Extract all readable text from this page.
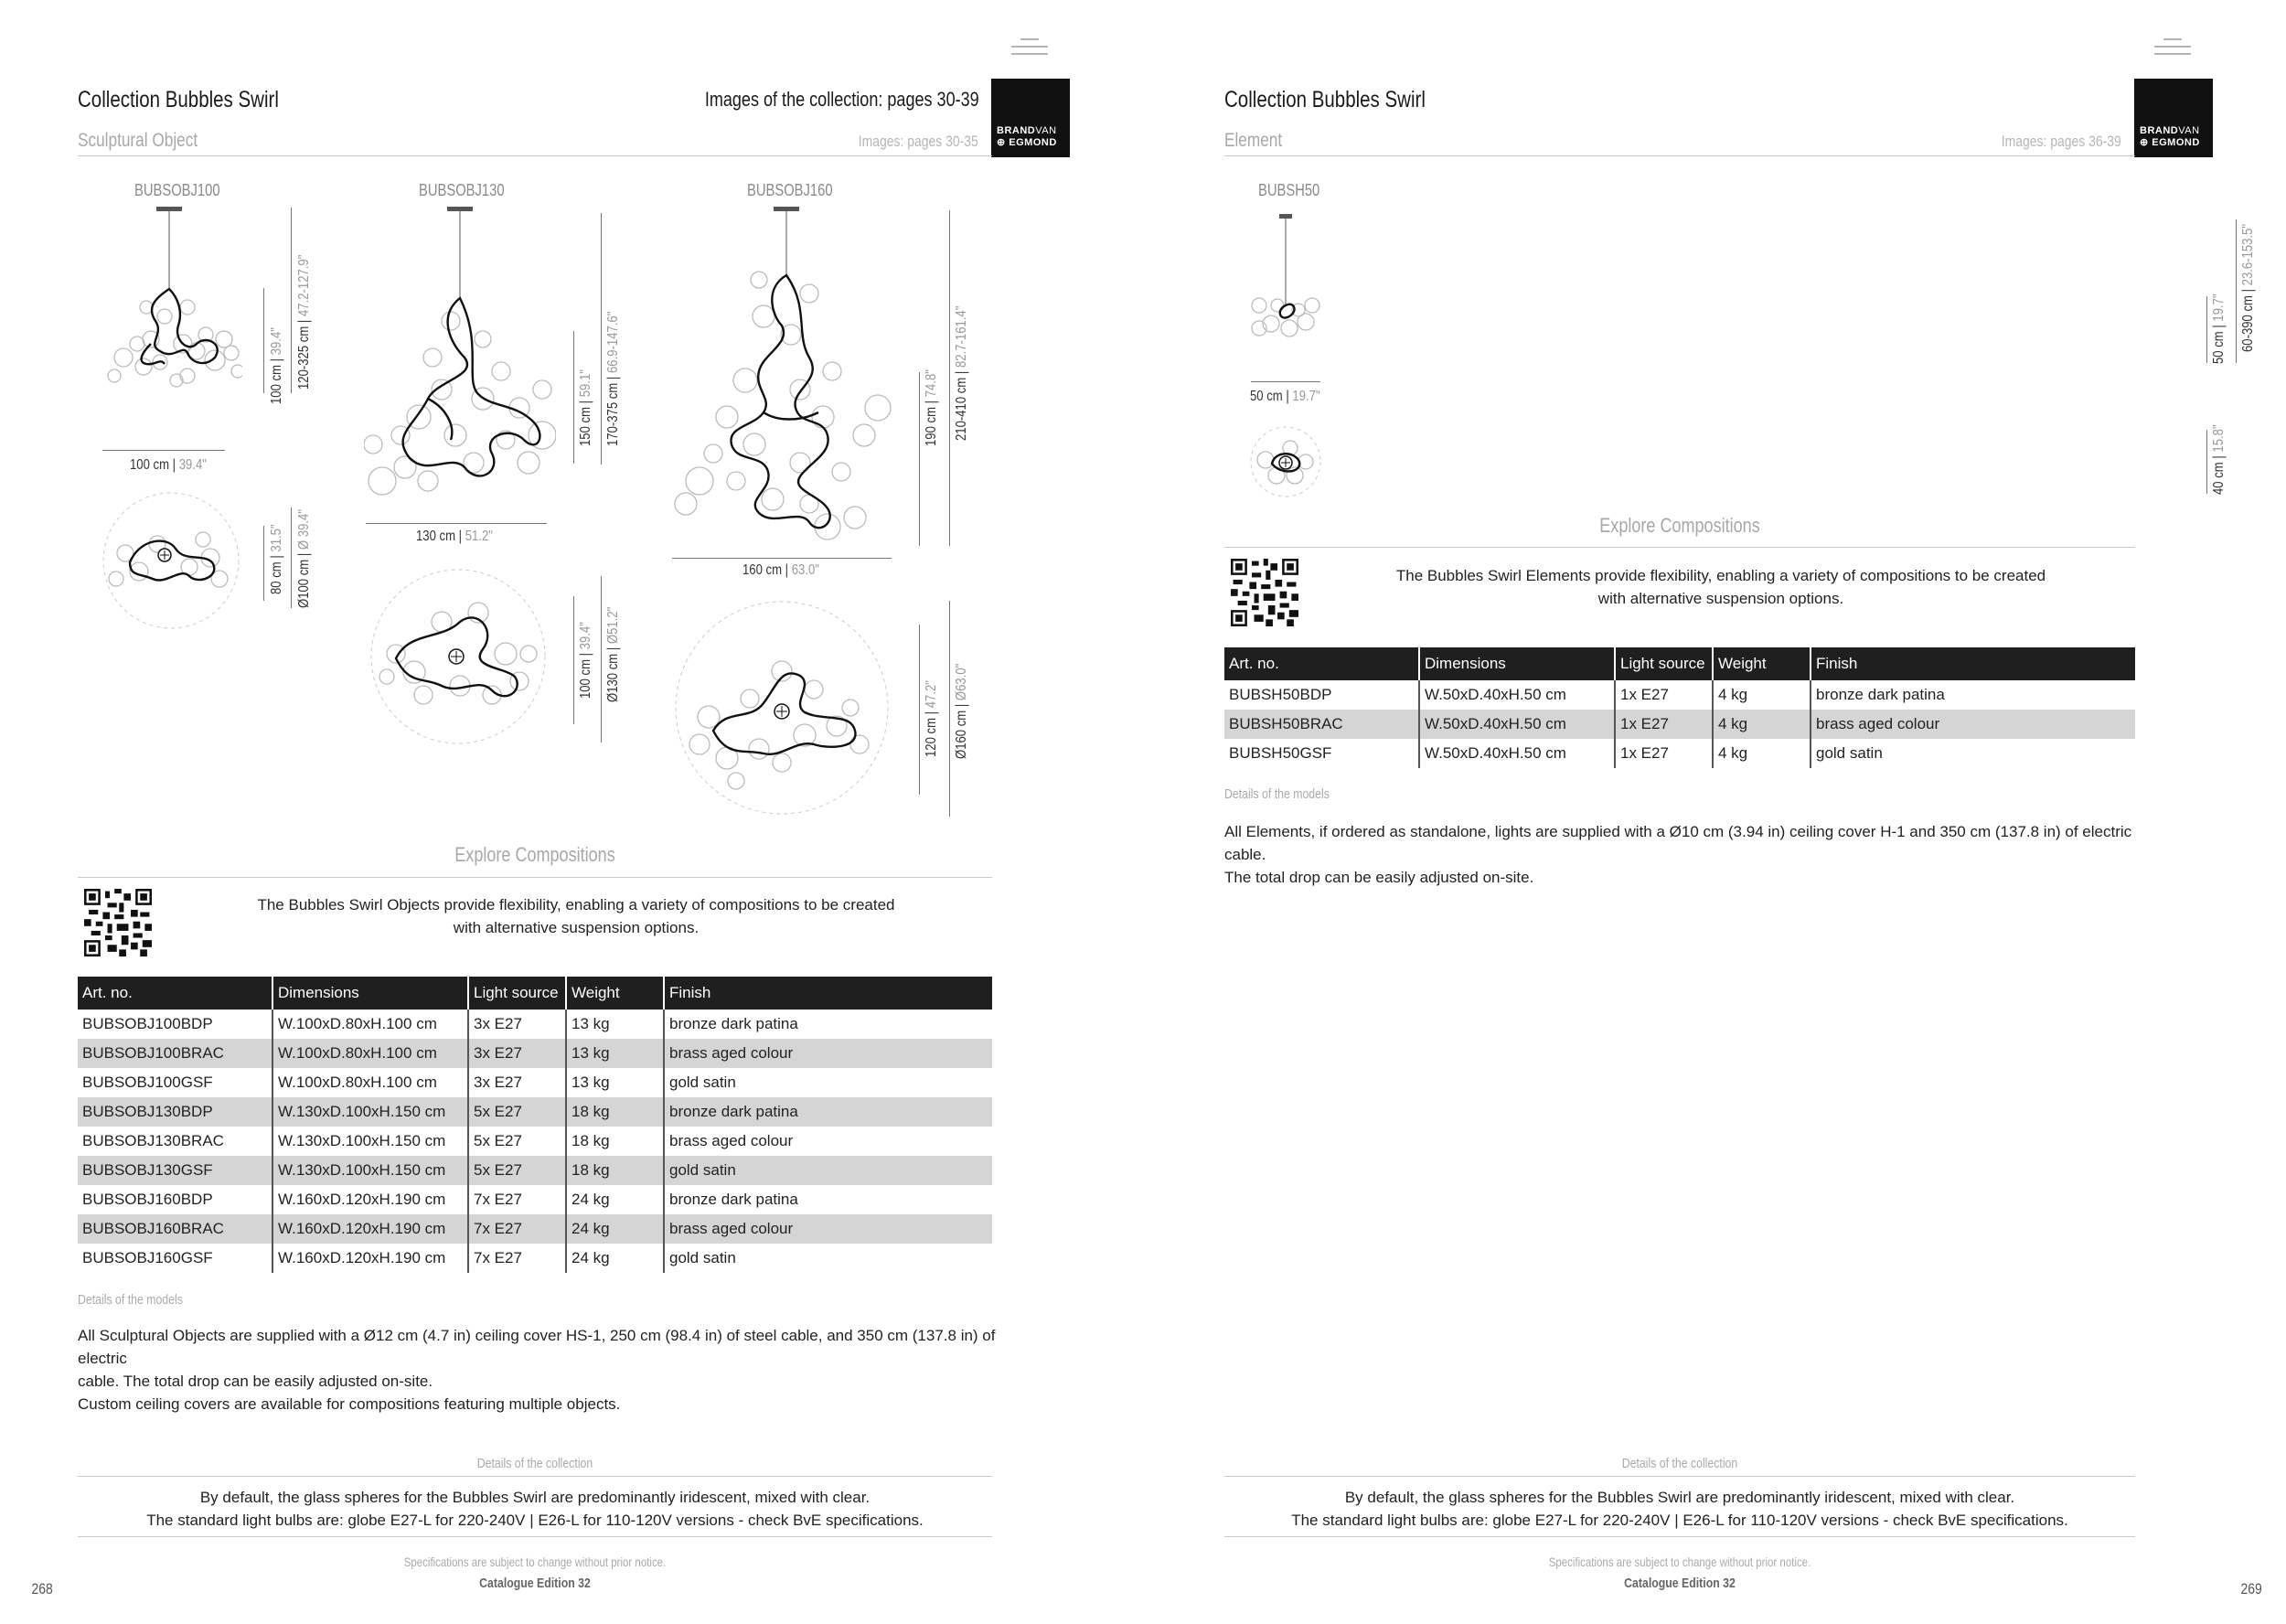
BRANDVAN
⊕ EGMOND
Collection Bubbles Swirl	Images of the collection: pages 30-39
Sculptural Object	Images: pages 30-35
BUBSOBJ100
100 cm | 39.4" 120-325 cm | 47.2-127.9"
100 cm | 39.4"
80 cm | 31.5"
Ø100 cm | Ø 39.4"
BUBSOBJ130
150 cm | 59.1" 170-375 cm | 66.9-147.6"
130 cm | 51.2"
100 cm | 39.4"
Ø130 cm | Ø51.2"
BUBSOBJ160
190 cm | 74.8" 210-410 cm | 82.7-161.4"
160 cm | 63.0"
120 cm | 47.2"
Ø160 cm | Ø63.0"
Explore Compositions
The Bubbles Swirl Objects provide flexibility, enabling a variety of compositions to be created
with alternative suspension options.
Art. no.	Dimensions	Light source	Weight	Finish
BUBSOBJ100BDP	W.100xD.80xH.100 cm	3x E27	13 kg	bronze dark patina
BUBSOBJ100BRAC	W.100xD.80xH.100 cm	3x E27	13 kg	brass aged colour
BUBSOBJ100GSF	W.100xD.80xH.100 cm	3x E27	13 kg	gold satin
BUBSOBJ130BDP	W.130xD.100xH.150 cm	5x E27	18 kg	bronze dark patina
BUBSOBJ130BRAC	W.130xD.100xH.150 cm	5x E27	18 kg	brass aged colour
BUBSOBJ130GSF	W.130xD.100xH.150 cm	5x E27	18 kg	gold satin
BUBSOBJ160BDP	W.160xD.120xH.190 cm	7x E27	24 kg	bronze dark patina
BUBSOBJ160BRAC	W.160xD.120xH.190 cm	7x E27	24 kg	brass aged colour
BUBSOBJ160GSF	W.160xD.120xH.190 cm	7x E27	24 kg	gold satin
Details of the models
All Sculptural Objects are supplied with a Ø12 cm (4.7 in) ceiling cover HS-1, 250 cm (98.4 in) of steel cable, and 350 cm (137.8 in) of electric
cable. The total drop can be easily adjusted on-site.
Custom ceiling covers are available for compositions featuring multiple objects.
Details of the collection
By default, the glass spheres for the Bubbles Swirl are predominantly iridescent, mixed with clear.
The standard light bulbs are: globe E27-L for 220-240V | E26-L for 110-120V versions - check BvE specifications.
Specifications are subject to change without prior notice.
Catalogue Edition 32
268
BRANDVAN
⊕ EGMOND
Collection Bubbles Swirl
Element	Images: pages 36-39
BUBSH50
50 cm | 19.7" 60-390 cm | 23.6-153.5"
50 cm | 19.7"
40 cm | 15.8"
Explore Compositions
The Bubbles Swirl Elements provide flexibility, enabling a variety of compositions to be created
with alternative suspension options.
Art. no.	Dimensions	Light source	Weight	Finish
BUBSH50BDP	W.50xD.40xH.50 cm	1x E27	4 kg	bronze dark patina
BUBSH50BRAC	W.50xD.40xH.50 cm	1x E27	4 kg	brass aged colour
BUBSH50GSF	W.50xD.40xH.50 cm	1x E27	4 kg	gold satin
Details of the models
All Elements, if ordered as standalone, lights are supplied with a Ø10 cm (3.94 in) ceiling cover H-1 and 350 cm (137.8 in) of electric cable.
The total drop can be easily adjusted on-site.
Details of the collection
By default, the glass spheres for the Bubbles Swirl are predominantly iridescent, mixed with clear.
The standard light bulbs are: globe E27-L for 220-240V | E26-L for 110-120V versions - check BvE specifications.
Specifications are subject to change without prior notice.
Catalogue Edition 32	269
